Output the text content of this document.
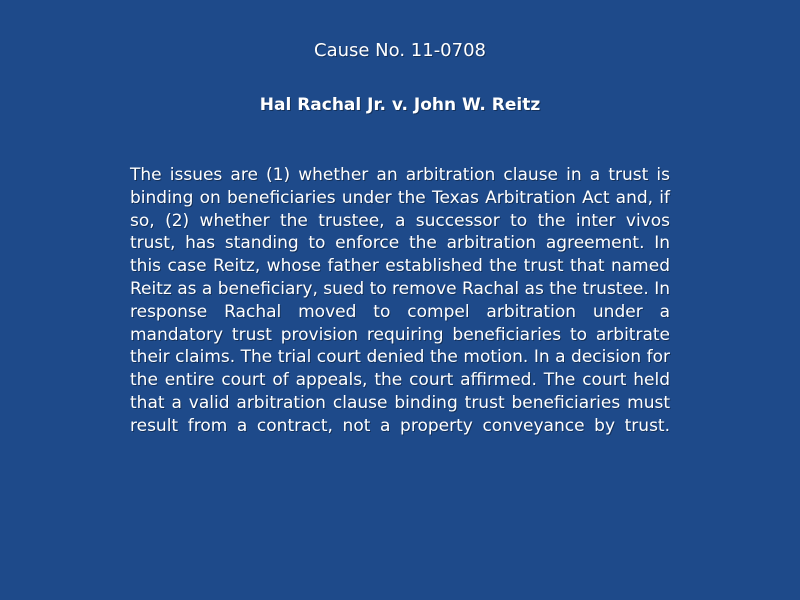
Cause No. 11-0708
Hal Rachal Jr. v. John W. Reitz

The issues are (1) whether an arbitration clause in a trust is binding on beneficiaries under the Texas Arbitration Act and, if so, (2) whether the trustee, a successor to the inter vivos trust, has standing to enforce the arbitration agreement. In this case Reitz, whose father established the trust that named Reitz as a beneficiary, sued to remove Rachal as the trustee. In response Rachal moved to compel arbitration under a mandatory trust provision requiring beneficiaries to arbitrate their claims. The trial court denied the motion. In a decision for the entire court of appeals, the court affirmed. The court held that a valid arbitration clause binding trust beneficiaries must result from a contract, not a property conveyance by trust.
